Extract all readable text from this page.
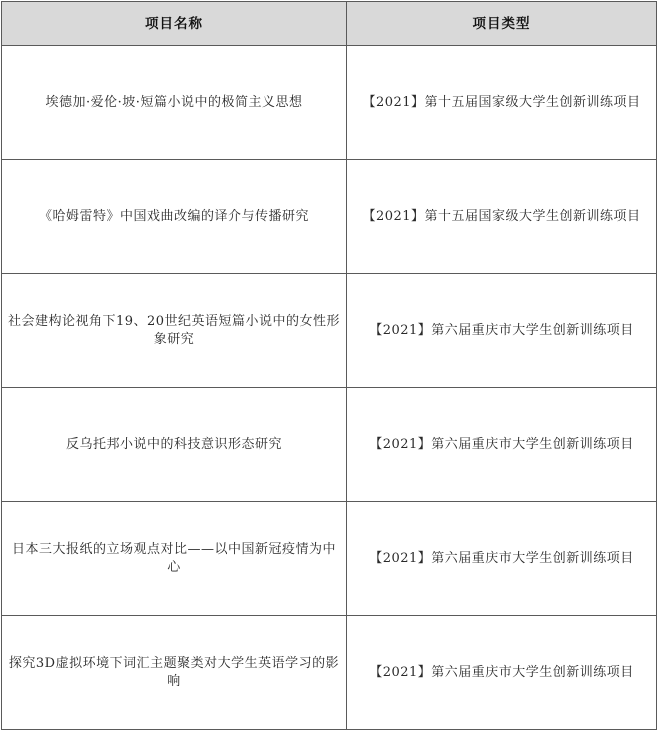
项目名称	项目类型
埃德加·爱伦·坡·短篇小说中的极简主义思想	【2021】第十五届国家级大学生创新训练项目
《哈姆雷特》中国戏曲改编的译介与传播研究	【2021】第十五届国家级大学生创新训练项目
社会建构论视角下19、20世纪英语短篇小说中的女性形象研究	【2021】第六届重庆市大学生创新训练项目
反乌托邦小说中的科技意识形态研究	【2021】第六届重庆市大学生创新训练项目
日本三大报纸的立场观点对比——以中国新冠疫情为中心	【2021】第六届重庆市大学生创新训练项目
探究3D虚拟环境下词汇主题聚类对大学生英语学习的影响	【2021】第六届重庆市大学生创新训练项目
